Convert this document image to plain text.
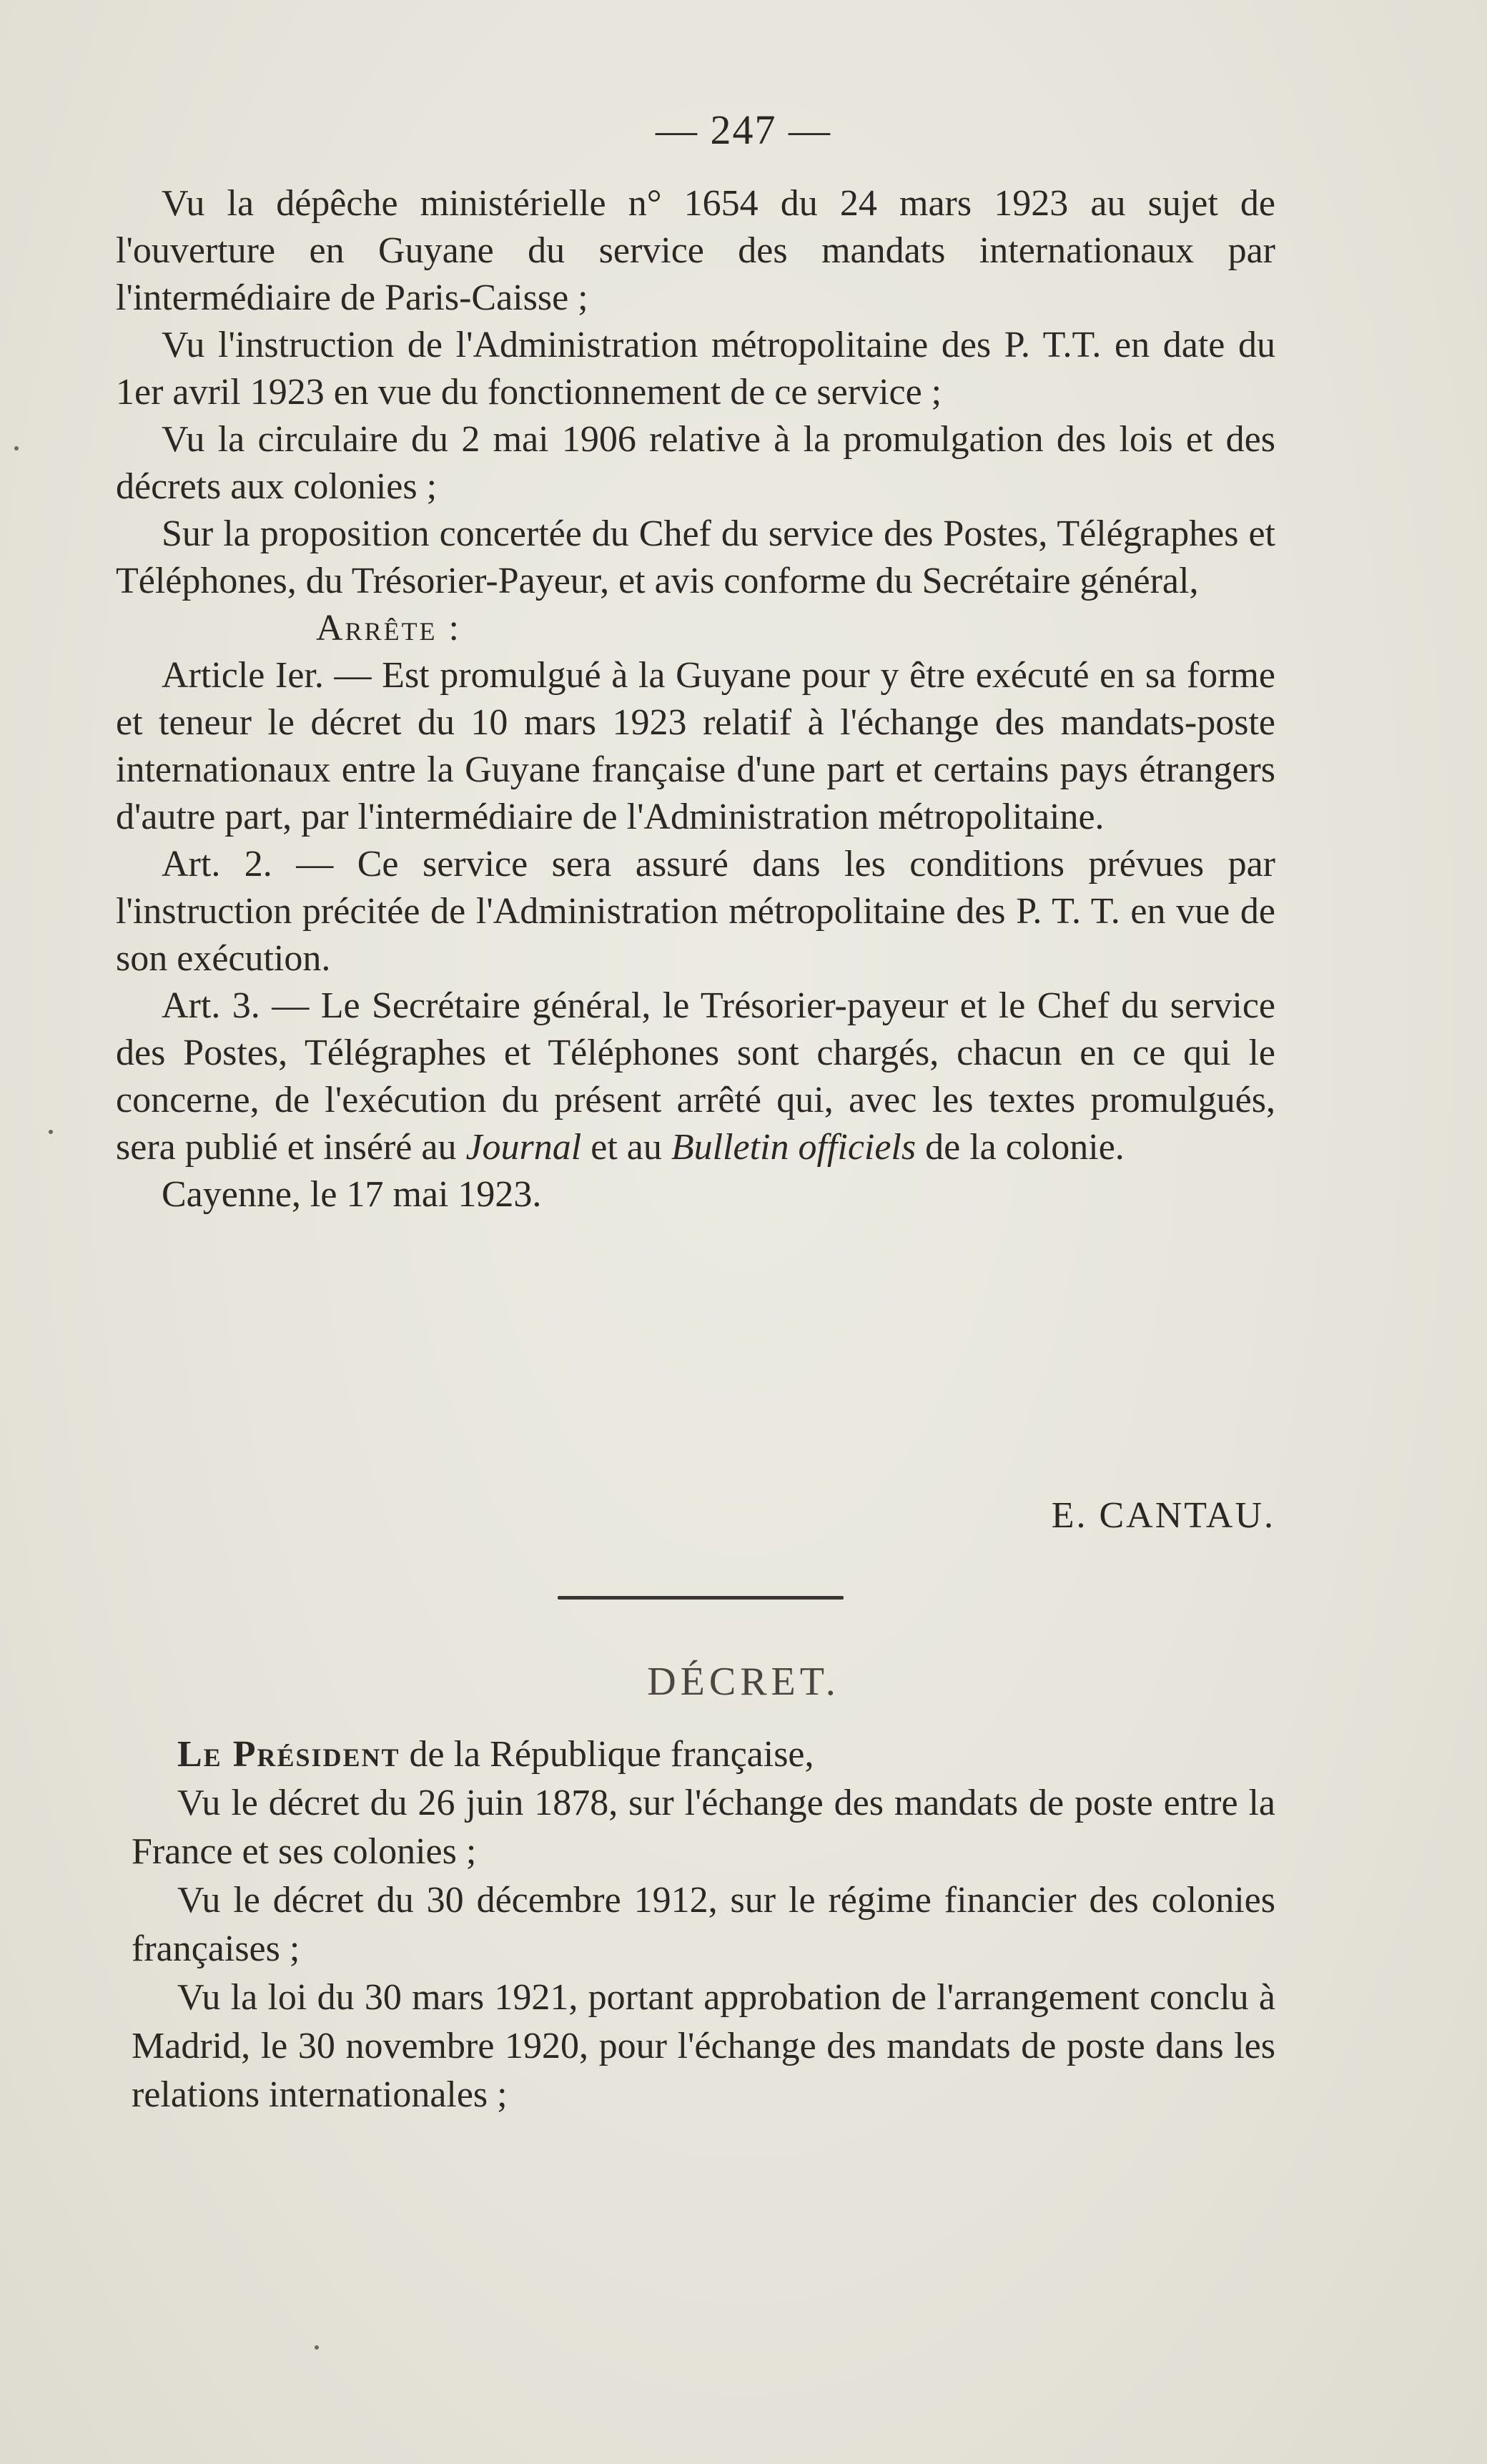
— 247 —

Vu la dépêche ministérielle n° 1654 du 24 mars 1923 au sujet de l'ouverture en Guyane du service des mandats internationaux par l'intermédiaire de Paris-Caisse ;

Vu l'instruction de l'Administration métropolitaine des P. T.T. en date du 1er avril 1923 en vue du fonctionnement de ce service ;

Vu la circulaire du 2 mai 1906 relative à la promulgation des lois et des décrets aux colonies ;

Sur la proposition concertée du Chef du service des Postes, Télégraphes et Téléphones, du Trésorier-Payeur, et avis conforme du Secrétaire général,

Arrête :

Article Ier. — Est promulgué à la Guyane pour y être exécuté en sa forme et teneur le décret du 10 mars 1923 relatif à l'échange des mandats-poste internationaux entre la Guyane française d'une part et certains pays étrangers d'autre part, par l'intermédiaire de l'Administration métropolitaine.

Art. 2. — Ce service sera assuré dans les conditions prévues par l'instruction précitée de l'Administration métropolitaine des P. T. T. en vue de son exécution.

Art. 3. — Le Secrétaire général, le Trésorier-payeur et le Chef du service des Postes, Télégraphes et Téléphones sont chargés, chacun en ce qui le concerne, de l'exécution du présent arrêté qui, avec les textes promulgués, sera publié et inséré au Journal et au Bulletin officiels de la colonie.

Cayenne, le 17 mai 1923.

E. CANTAU.
DÉCRET.

Le Président de la République française,

Vu le décret du 26 juin 1878, sur l'échange des mandats de poste entre la France et ses colonies ;

Vu le décret du 30 décembre 1912, sur le régime financier des colonies françaises ;

Vu la loi du 30 mars 1921, portant approbation de l'arrangement conclu à Madrid, le 30 novembre 1920, pour l'échange des mandats de poste dans les relations internationales ;
